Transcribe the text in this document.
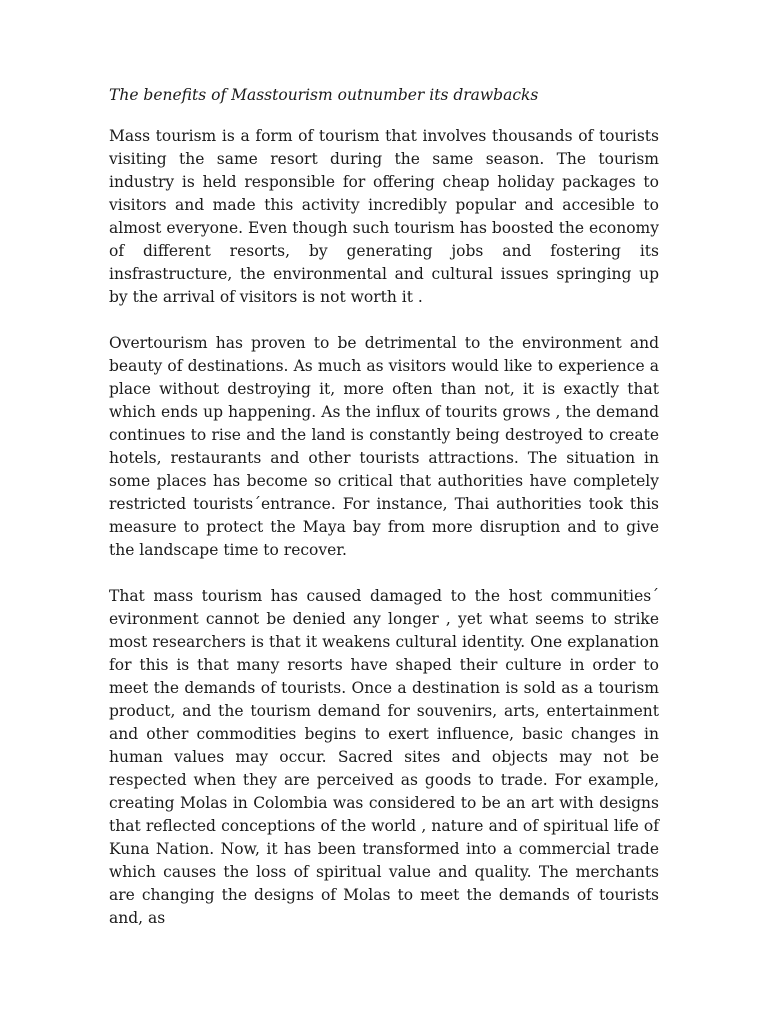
The benefits of Masstourism outnumber its drawbacks

Mass tourism is a form of tourism that involves thousands of tourists visiting the same resort during the same season. The tourism industry is held responsible for offering cheap holiday packages to visitors and made this activity incredibly popular and accesible to almost everyone. Even though such tourism has boosted the economy of different resorts, by generating jobs and fostering its insfrastructure, the environmental and cultural issues springing up by the arrival of visitors is not worth it .

Overtourism has proven to be detrimental to the environment and beauty of destinations. As much as visitors would like to experience a place without destroying it, more often than not, it is exactly that which ends up happening. As the influx of tourits grows , the demand continues to rise and the land is constantly being destroyed to create hotels, restaurants and other tourists attractions. The situation in some places has become so critical that authorities have completely restricted tourists´entrance. For instance, Thai authorities took this measure to protect the Maya bay from more disruption and to give the landscape time to recover.

That mass tourism has caused damaged to the host communities´ evironment cannot be denied any longer , yet what seems to strike most researchers is that it weakens cultural identity. One explanation for this is that many resorts have shaped their culture in order to meet the demands of tourists. Once a destination is sold as a tourism product, and the tourism demand for souvenirs, arts, entertainment and other commodities begins to exert influence, basic changes in human values may occur. Sacred sites and objects may not be respected when they are perceived as goods to trade. For example, creating Molas in Colombia was considered to be an art with designs that reflected conceptions of the world , nature and of spiritual life of Kuna Nation. Now, it has been transformed into a commercial trade which causes the loss of spiritual value and quality. The merchants are changing the designs of Molas to meet the demands of tourists and, as
